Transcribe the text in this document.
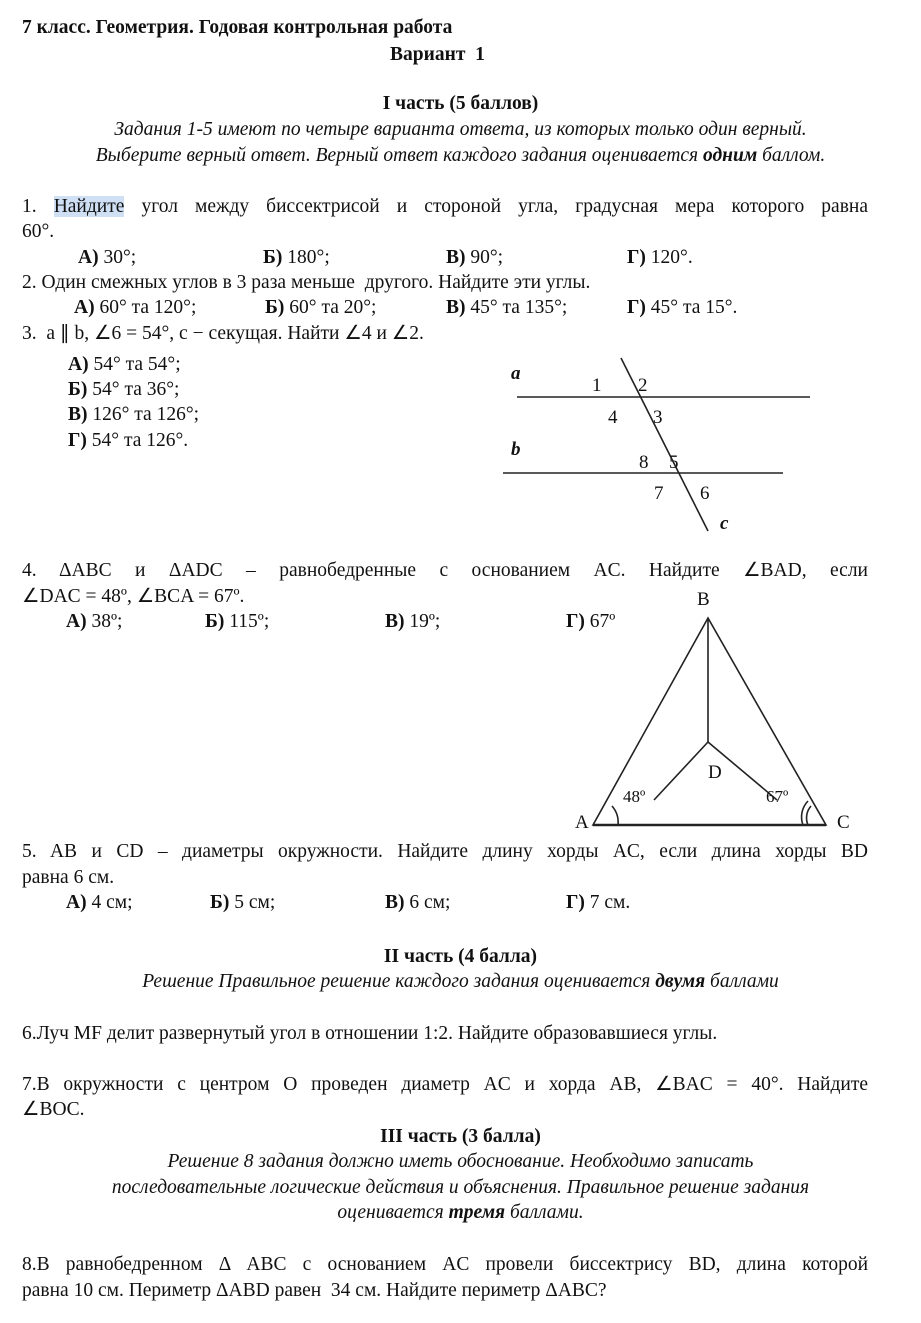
7 класс. Геометрия. Годовая контрольная работа
Вариант  1
I часть (5 баллов)
Задания 1-5 имеют по четыре варианта ответа, из которых только один верный.
Выберите верный ответ. Верный ответ каждого задания оценивается одним баллом.
1. Найдите угол между биссектрисой и стороной угла, градусная мера которого равна
60°.
А) 30°;	Б) 180°;	В) 90°;	Г) 120°.
2. Один смежных углов в 3 раза меньше  другого. Найдите эти углы.
А) 60° та 120°;	Б) 60° та 20°;	В) 45° та 135°;	Г) 45° та 15°.
3.  a ∥ b, ∠6 = 54°, c − секущая. Найти ∠4 и ∠2.
А) 54° та 54°;
Б) 54° та 36°;
В) 126° та 126°;
Г) 54° та 126°.
a
b
c
1 2
3
4
5
6
7
8
4. ΔABC и ΔADC – равнобедренные с основанием AC. Найдите ∠BAD, если
∠DAC = 48º, ∠BCA = 67º.
А) 38º;	Б) 115º;	В) 19º;	Г) 67º
B
A	C
D
48º	67º
5. AB и CD – диаметры окружности. Найдите длину хорды AC, если длина хорды BD
равна 6 см.
А) 4 см;	Б) 5 см;	В) 6 см;	Г) 7 см.
II часть (4 балла)
Решение Правильное решение каждого задания оценивается двумя баллами
6.Луч MF делит развернутый угол в отношении 1:2. Найдите образовавшиеся углы.
7.В окружности с центром О проведен диаметр AC и хорда AB, ∠BAC = 40°. Найдите
∠BOC.
III часть (3 балла)
Решение 8 задания должно иметь обоснование. Необходимо записать
последовательные логические действия и объяснения. Правильное решение задания
оценивается тремя баллами.
8.В равнобедренном Δ ABC с основанием AC провели биссектрису BD, длина которой
равна 10 см. Периметр ΔABD равен  34 см. Найдите периметр ΔABC?
